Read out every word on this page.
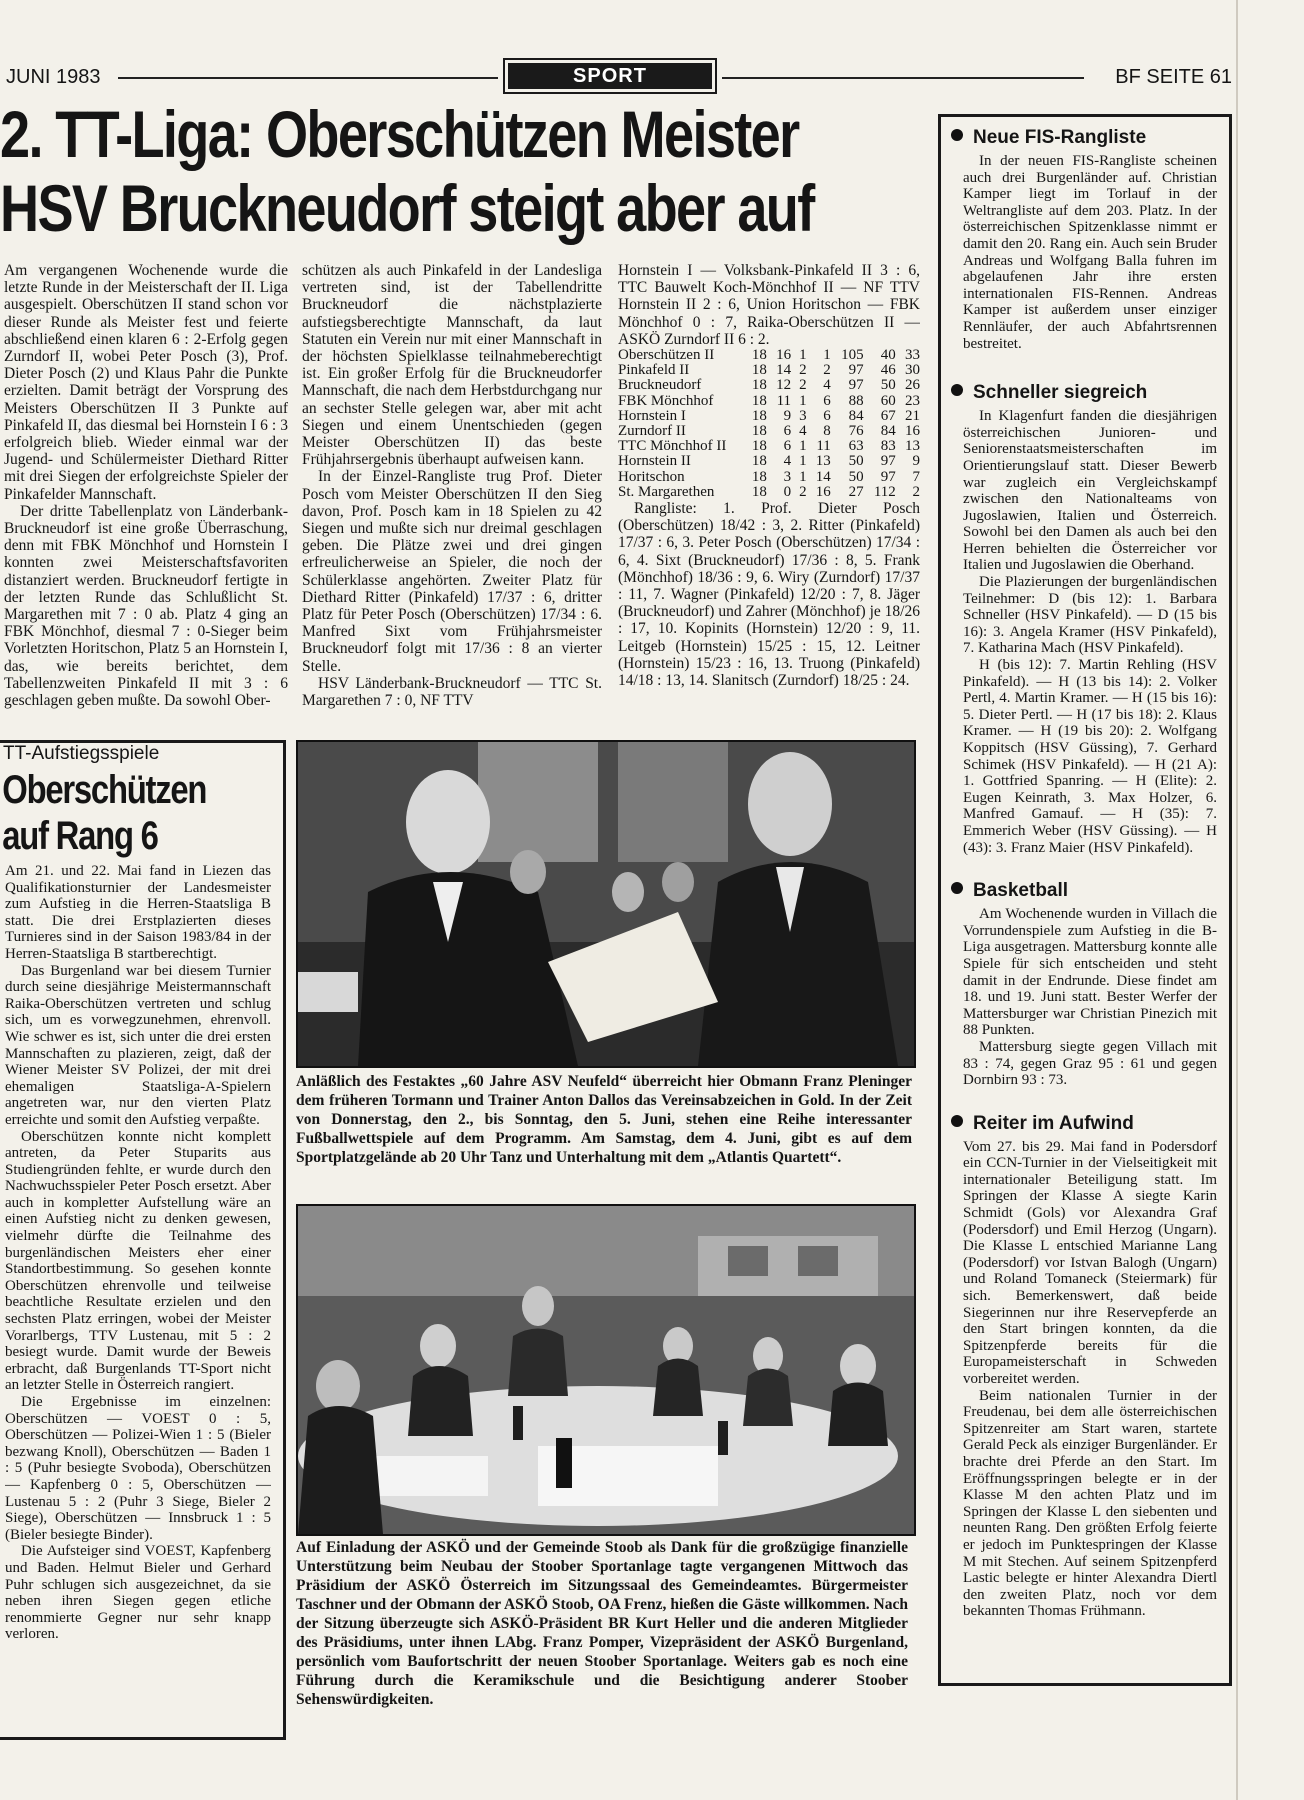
JUNI 1983	SPORT	BF SEITE 61
2. TT-Liga: Oberschützen Meister
HSV Bruckneudorf steigt aber auf

Am vergangenen Wochenende wurde die letzte Runde in der Meisterschaft der II. Liga ausgespielt. Oberschützen II stand schon vor dieser Runde als Meister fest und feierte abschließend einen klaren 6 : 2-Erfolg gegen Zurndorf II, wobei Peter Posch (3), Prof. Dieter Posch (2) und Klaus Pahr die Punkte erzielten. Damit beträgt der Vorsprung des Meisters Oberschützen II 3 Punkte auf Pinkafeld II, das diesmal bei Hornstein I 6 : 3 erfolgreich blieb. Wieder einmal war der Jugend- und Schülermeister Diethard Ritter mit drei Siegen der erfolgreichste Spieler der Pinkafelder Mannschaft.

Der dritte Tabellenplatz von Länderbank-Bruckneudorf ist eine große Überraschung, denn mit FBK Mönchhof und Hornstein I konnten zwei Meisterschaftsfavoriten distanziert werden. Bruckneudorf fertigte in der letzten Runde das Schlußlicht St. Margarethen mit 7 : 0 ab. Platz 4 ging an FBK Mönchhof, diesmal 7 : 0-Sieger beim Vorletzten Horitschon, Platz 5 an Hornstein I, das, wie bereits berichtet, dem Tabellenzweiten Pinkafeld II mit 3 : 6 geschlagen geben mußte. Da sowohl Ober-

schützen als auch Pinkafeld in der Landesliga vertreten sind, ist der Tabellendritte Bruckneudorf die nächstplazierte aufstiegsberechtigte Mannschaft, da laut Statuten ein Verein nur mit einer Mannschaft in der höchsten Spielklasse teilnahmeberechtigt ist. Ein großer Erfolg für die Bruckneudorfer Mannschaft, die nach dem Herbstdurchgang nur an sechster Stelle gelegen war, aber mit acht Siegen und einem Unentschieden (gegen Meister Oberschützen II) das beste Frühjahrsergebnis überhaupt aufweisen kann.

In der Einzel-Rangliste trug Prof. Dieter Posch vom Meister Oberschützen II den Sieg davon, Prof. Posch kam in 18 Spielen zu 42 Siegen und mußte sich nur dreimal geschlagen geben. Die Plätze zwei und drei gingen erfreulicherweise an Spieler, die noch der Schülerklasse angehörten. Zweiter Platz für Diethard Ritter (Pinkafeld) 17/37 : 6, dritter Platz für Peter Posch (Oberschützen) 17/34 : 6. Manfred Sixt vom Frühjahrsmeister Bruckneudorf folgt mit 17/36 : 8 an vierter Stelle.

HSV Länderbank-Bruckneudorf — TTC St. Margarethen 7 : 0, NF TTV

Hornstein I — Volksbank-Pinkafeld II 3 : 6, TTC Bauwelt Koch-Mönchhof II — NF TTV Hornstein II 2 : 6, Union Horitschon — FBK Mönchhof 0 : 7, Raika-Oberschützen II — ASKÖ Zurndorf II 6 : 2.

Oberschützen II	18	16	1	1	105	40	33
Pinkafeld II	18	14	2	2	97	46	30
Bruckneudorf	18	12	2	4	97	50	26
FBK Mönchhof	18	11	1	6	88	60	23
Hornstein I	18	9	3	6	84	67	21
Zurndorf II	18	6	4	8	76	84	16
TTC Mönchhof II	18	6	1	11	63	83	13
Hornstein II	18	4	1	13	50	97	9
Horitschon	18	3	1	14	50	97	7
St. Margarethen	18	0	2	16	27	112	2

Rangliste: 1. Prof. Dieter Posch (Oberschützen) 18/42 : 3, 2. Ritter (Pinkafeld) 17/37 : 6, 3. Peter Posch (Oberschützen) 17/34 : 6, 4. Sixt (Bruckneudorf) 17/36 : 8, 5. Frank (Mönchhof) 18/36 : 9, 6. Wiry (Zurndorf) 17/37 : 11, 7. Wagner (Pinkafeld) 12/20 : 7, 8. Jäger (Bruckneudorf) und Zahrer (Mönchhof) je 18/26 : 17, 10. Kopinits (Hornstein) 12/20 : 9, 11. Leitgeb (Hornstein) 15/25 : 15, 12. Leitner (Hornstein) 15/23 : 16, 13. Truong (Pinkafeld) 14/18 : 13, 14. Slanitsch (Zurndorf) 18/25 : 24.

TT-Aufstiegsspiele
Oberschützen
auf Rang 6

Am 21. und 22. Mai fand in Liezen das Qualifikationsturnier der Landesmeister zum Aufstieg in die Herren-Staatsliga B statt. Die drei Erstplazierten dieses Turnieres sind in der Saison 1983/84 in der Herren-Staatsliga B startberechtigt.

Das Burgenland war bei diesem Turnier durch seine diesjährige Meistermannschaft Raika-Oberschützen vertreten und schlug sich, um es vorwegzunehmen, ehrenvoll. Wie schwer es ist, sich unter die drei ersten Mannschaften zu plazieren, zeigt, daß der Wiener Meister SV Polizei, der mit drei ehemaligen Staatsliga-A-Spielern angetreten war, nur den vierten Platz erreichte und somit den Aufstieg verpaßte.

Oberschützen konnte nicht komplett antreten, da Peter Stuparits aus Studiengründen fehlte, er wurde durch den Nachwuchsspieler Peter Posch ersetzt. Aber auch in kompletter Aufstellung wäre an einen Aufstieg nicht zu denken gewesen, vielmehr dürfte die Teilnahme des burgenländischen Meisters eher einer Standortbestimmung. So gesehen konnte Oberschützen ehrenvolle und teilweise beachtliche Resultate erzielen und den sechsten Platz erringen, wobei der Meister Vorarlbergs, TTV Lustenau, mit 5 : 2 besiegt wurde. Damit wurde der Beweis erbracht, daß Burgenlands TT-Sport nicht an letzter Stelle in Österreich rangiert.

Die Ergebnisse im einzelnen: Oberschützen — VOEST 0 : 5, Oberschützen — Polizei-Wien 1 : 5 (Bieler bezwang Knoll), Oberschützen — Baden 1 : 5 (Puhr besiegte Svoboda), Oberschützen — Kapfenberg 0 : 5, Oberschützen — Lustenau 5 : 2 (Puhr 3 Siege, Bieler 2 Siege), Oberschützen — Innsbruck 1 : 5 (Bieler besiegte Binder).

Die Aufsteiger sind VOEST, Kapfenberg und Baden. Helmut Bieler und Gerhard Puhr schlugen sich ausgezeichnet, da sie neben ihren Siegen gegen etliche renommierte Gegner nur sehr knapp verloren.

Anläßlich des Festaktes „60 Jahre ASV Neufeld“ überreicht hier Obmann Franz Pleninger dem früheren Tormann und Trainer Anton Dallos das Vereinsabzeichen in Gold. In der Zeit von Donnerstag, den 2., bis Sonntag, den 5. Juni, stehen eine Reihe interessanter Fußballwettspiele auf dem Programm. Am Samstag, dem 4. Juni, gibt es auf dem Sportplatzgelände ab 20 Uhr Tanz und Unterhaltung mit dem „Atlantis Quartett“.
Auf Einladung der ASKÖ und der Gemeinde Stoob als Dank für die großzügige finanzielle Unterstützung beim Neubau der Stoober Sportanlage tagte vergangenen Mittwoch das Präsidium der ASKÖ Österreich im Sitzungssaal des Gemeindeamtes. Bürgermeister Taschner und der Obmann der ASKÖ Stoob, OA Frenz, hießen die Gäste willkommen. Nach der Sitzung überzeugte sich ASKÖ-Präsident BR Kurt Heller und die anderen Mitglieder des Präsidiums, unter ihnen LAbg. Franz Pomper, Vizepräsident der ASKÖ Burgenland, persönlich vom Baufortschritt der neuen Stoober Sportanlage. Weiters gab es noch eine Führung durch die Keramikschule und die Besichtigung anderer Stoober Sehenswürdigkeiten.
Neue FIS-Rangliste

In der neuen FIS-Rangliste scheinen auch drei Burgenländer auf. Christian Kamper liegt im Torlauf in der Weltrangliste auf dem 203. Platz. In der österreichischen Spitzenklasse nimmt er damit den 20. Rang ein. Auch sein Bruder Andreas und Wolfgang Balla fuhren im abgelaufenen Jahr ihre ersten internationalen FIS-Rennen. Andreas Kamper ist außerdem unser einziger Rennläufer, der auch Abfahrtsrennen bestreitet.

Schneller siegreich

In Klagenfurt fanden die diesjährigen österreichischen Junioren- und Seniorenstaatsmeisterschaften im Orientierungslauf statt. Dieser Bewerb war zugleich ein Vergleichskampf zwischen den Nationalteams von Jugoslawien, Italien und Österreich. Sowohl bei den Damen als auch bei den Herren behielten die Österreicher vor Italien und Jugoslawien die Oberhand.

Die Plazierungen der burgenländischen Teilnehmer: D (bis 12): 1. Barbara Schneller (HSV Pinkafeld). — D (15 bis 16): 3. Angela Kramer (HSV Pinkafeld), 7. Katharina Mach (HSV Pinkafeld).

H (bis 12): 7. Martin Rehling (HSV Pinkafeld). — H (13 bis 14): 2. Volker Pertl, 4. Martin Kramer. — H (15 bis 16): 5. Dieter Pertl. — H (17 bis 18): 2. Klaus Kramer. — H (19 bis 20): 2. Wolfgang Koppitsch (HSV Güssing), 7. Gerhard Schimek (HSV Pinkafeld). — H (21 A): 1. Gottfried Spanring. — H (Elite): 2. Eugen Keinrath, 3. Max Holzer, 6. Manfred Gamauf. — H (35): 7. Emmerich Weber (HSV Güssing). — H (43): 3. Franz Maier (HSV Pinkafeld).

Basketball

Am Wochenende wurden in Villach die Vorrundenspiele zum Aufstieg in die B-Liga ausgetragen. Mattersburg konnte alle Spiele für sich entscheiden und steht damit in der Endrunde. Diese findet am 18. und 19. Juni statt. Bester Werfer der Mattersburger war Christian Pinezich mit 88 Punkten.

Mattersburg siegte gegen Villach mit 83 : 74, gegen Graz 95 : 61 und gegen Dornbirn 93 : 73.

Reiter im Aufwind

Vom 27. bis 29. Mai fand in Podersdorf ein CCN-Turnier in der Vielseitigkeit mit internationaler Beteiligung statt. Im Springen der Klasse A siegte Karin Schmidt (Gols) vor Alexandra Graf (Podersdorf) und Emil Herzog (Ungarn). Die Klasse L entschied Marianne Lang (Podersdorf) vor Istvan Balogh (Ungarn) und Roland Tomaneck (Steiermark) für sich. Bemerkenswert, daß beide Siegerinnen nur ihre Reservepferde an den Start bringen konnten, da die Spitzenpferde bereits für die Europameisterschaft in Schweden vorbereitet werden.

Beim nationalen Turnier in der Freudenau, bei dem alle österreichischen Spitzenreiter am Start waren, startete Gerald Peck als einziger Burgenländer. Er brachte drei Pferde an den Start. Im Eröffnungsspringen belegte er in der Klasse M den achten Platz und im Springen der Klasse L den siebenten und neunten Rang. Den größten Erfolg feierte er jedoch im Punktespringen der Klasse M mit Stechen. Auf seinem Spitzenpferd Lastic belegte er hinter Alexandra Diertl den zweiten Platz, noch vor dem bekannten Thomas Frühmann.
